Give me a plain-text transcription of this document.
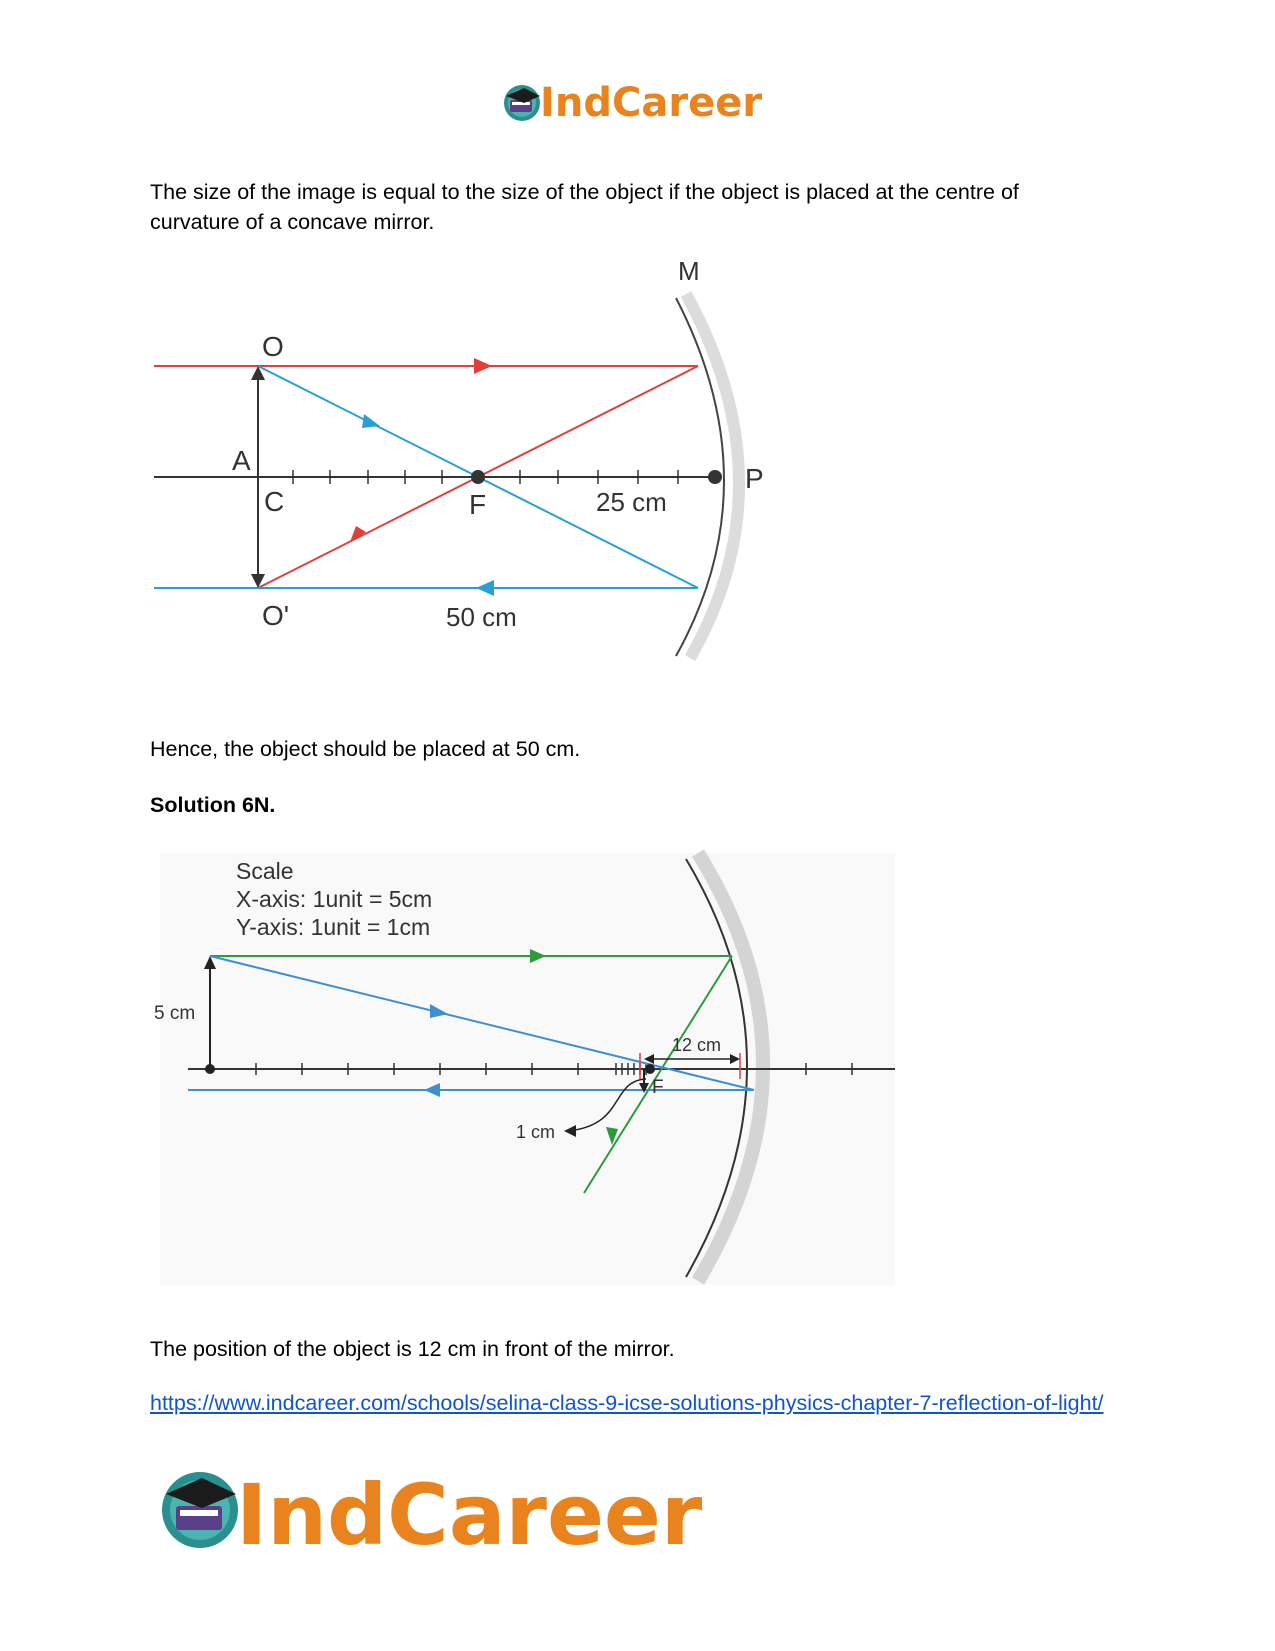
IndCareer

The size of the image is equal to the size of the object if the object is placed at the centre of curvature of a concave mirror.

M
O
A
C	F
P
25 cm
O'	50 cm

Hence, the object should be placed at 50 cm.

Solution 6N.

Scale
X-axis: 1unit = 5cm
Y-axis: 1unit = 1cm
5 cm
12 cm
F
1 cm

The position of the object is 12 cm in front of the mirror.

https://www.indcareer.com/schools/selina-class-9-icse-solutions-physics-chapter-7-reflection-of-light/

IndCareer
